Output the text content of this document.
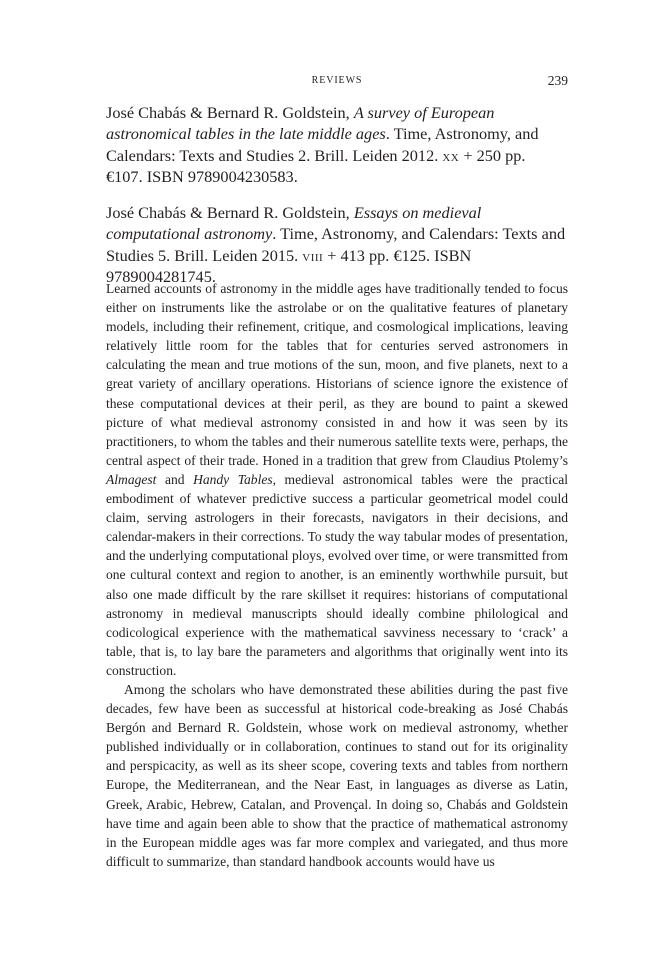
REVIEWS	239

José Chabás & Bernard R. Goldstein, A survey of European astronomical tables in the late middle ages. Time, Astronomy, and Calendars: Texts and Studies 2. Brill. Leiden 2012. xx + 250 pp. €107. ISBN 9789004230583.

José Chabás & Bernard R. Goldstein, Essays on medieval computational astronomy. Time, Astronomy, and Calendars: Texts and Studies 5. Brill. Leiden 2015. viii + 413 pp. €125. ISBN 9789004281745.

Learned accounts of astronomy in the middle ages have traditionally tended to focus either on instruments like the astrolabe or on the qualitative features of planetary models, including their refinement, critique, and cosmological implications, leaving relatively little room for the tables that for centuries served astronomers in calculating the mean and true motions of the sun, moon, and five planets, next to a great variety of ancillary operations. Historians of science ignore the existence of these computational devices at their peril, as they are bound to paint a skewed picture of what medieval astronomy consisted in and how it was seen by its practitioners, to whom the tables and their numerous satellite texts were, perhaps, the central aspect of their trade. Honed in a tradition that grew from Claudius Ptolemy’s Almagest and Handy Tables, medieval astronomical tables were the practical embodiment of whatever predictive success a particular geometrical model could claim, serving astrologers in their forecasts, navigators in their decisions, and calendar-makers in their corrections. To study the way tabular modes of presentation, and the underlying computational ploys, evolved over time, or were transmitted from one cultural context and region to another, is an eminently worthwhile pursuit, but also one made difficult by the rare skillset it requires: historians of computational astronomy in medieval manuscripts should ideally combine philological and codicological experience with the mathematical savviness necessary to ‘crack’ a table, that is, to lay bare the parameters and algorithms that originally went into its construction.

Among the scholars who have demonstrated these abilities during the past five decades, few have been as successful at historical code-breaking as José Chabás Bergón and Bernard R. Goldstein, whose work on medieval astronomy, whether published individually or in collaboration, continues to stand out for its originality and perspicacity, as well as its sheer scope, covering texts and tables from northern Europe, the Mediterranean, and the Near East, in languages as diverse as Latin, Greek, Arabic, Hebrew, Catalan, and Provençal. In doing so, Chabás and Goldstein have time and again been able to show that the practice of mathematical astronomy in the European middle ages was far more complex and variegated, and thus more difficult to summarize, than standard handbook accounts would have us
